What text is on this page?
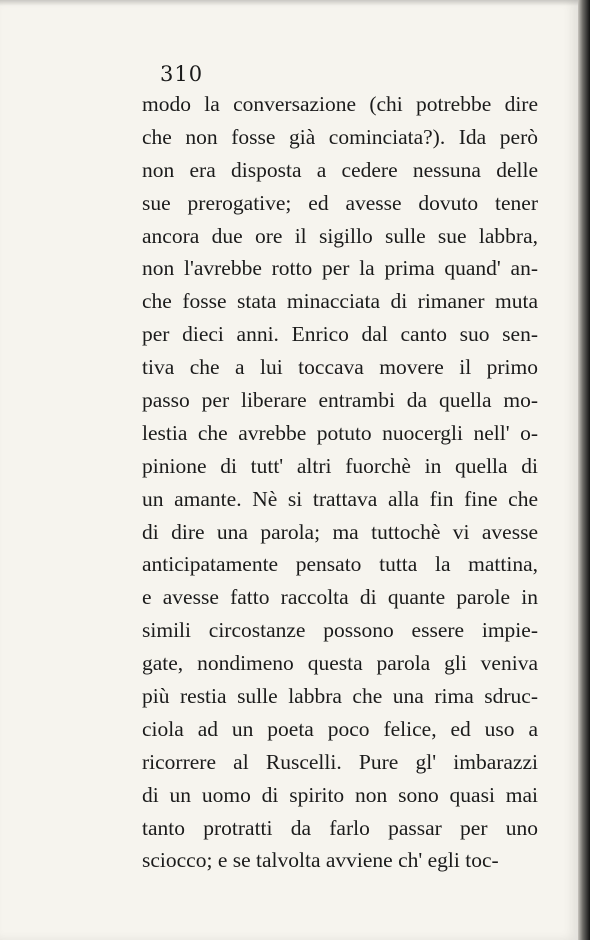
310
modo la conversazione (chi potrebbe dire
che non fosse già cominciata?). Ida però
non era disposta a cedere nessuna delle
sue prerogative; ed avesse dovuto tener
ancora due ore il sigillo sulle sue labbra,
non l'avrebbe rotto per la prima quand' an-
che fosse stata minacciata di rimaner muta
per dieci anni. Enrico dal canto suo sen-
tiva che a lui toccava movere il primo
passo per liberare entrambi da quella mo-
lestia che avrebbe potuto nuocergli nell' o-
pinione di tutt' altri fuorchè in quella di
un amante. Nè si trattava alla fin fine che
di dire una parola; ma tuttochè vi avesse
anticipatamente pensato tutta la mattina,
e avesse fatto raccolta di quante parole in
simili circostanze possono essere impie-
gate, nondimeno questa parola gli veniva
più restia sulle labbra che una rima sdruc-
ciola ad un poeta poco felice, ed uso a
ricorrere al Ruscelli. Pure gl' imbarazzi
di un uomo di spirito non sono quasi mai
tanto protratti da farlo passar per uno
sciocco; e se talvolta avviene ch' egli toc-
